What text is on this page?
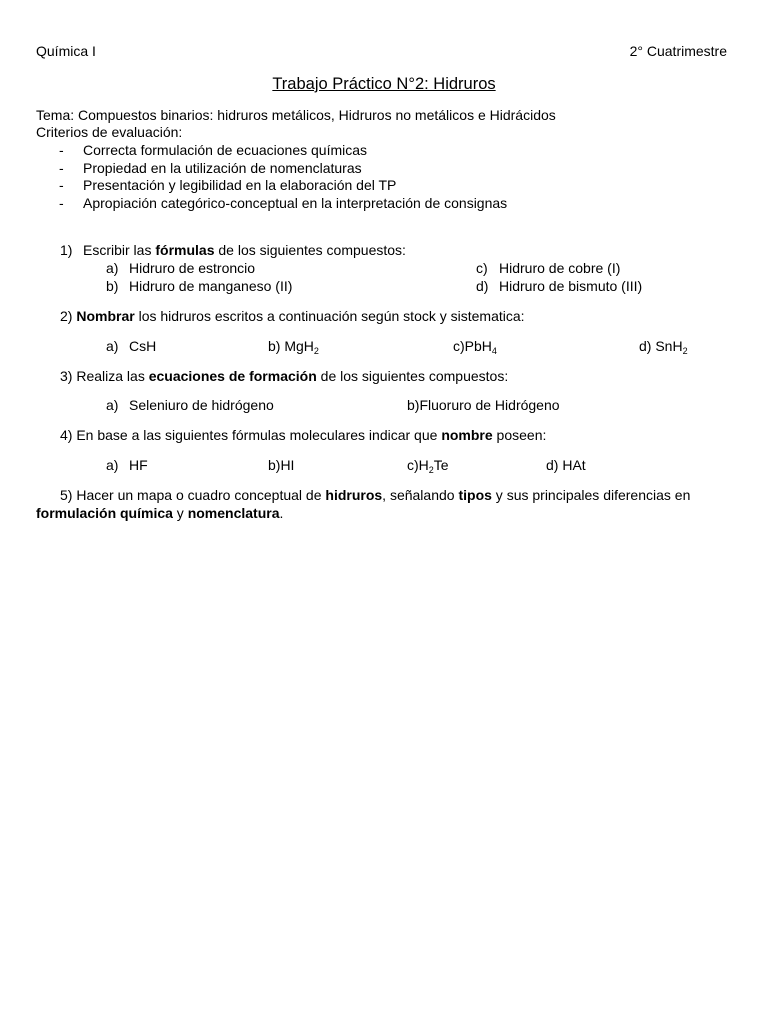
Química I	2° Cuatrimestre
Trabajo Práctico N°2: Hidruros
Tema: Compuestos binarios: hidruros metálicos, Hidruros no metálicos e Hidrácidos
Criterios de evaluación:
- Correcta formulación de ecuaciones químicas
- Propiedad en la utilización de nomenclaturas
- Presentación y legibilidad en la elaboración del TP
- Apropiación categórico-conceptual en la interpretación de consignas
1) Escribir las fórmulas de los siguientes compuestos:
a) Hidruro de estroncio
b) Hidruro de manganeso (II)
c) Hidruro de cobre (I)
d) Hidruro de bismuto (III)
2) Nombrar los hidruros escritos a continuación según stock y sistematica:
a) CsH	b) MgH$_2$	c)PbH$_4$	d) SnH$_2$
3) Realiza las ecuaciones de formación de los siguientes compuestos:
a) Seleniuro de hidrógeno	b)Fluoruro de Hidrógeno
4) En base a las siguientes fórmulas moleculares indicar que nombre poseen:
a) HF	b)HI	$c)H_2Te$	d) HAt
5) Hacer un mapa o cuadro conceptual de hidruros, señalando tipos y sus principales diferencias en
formulación química y nomenclatura.
